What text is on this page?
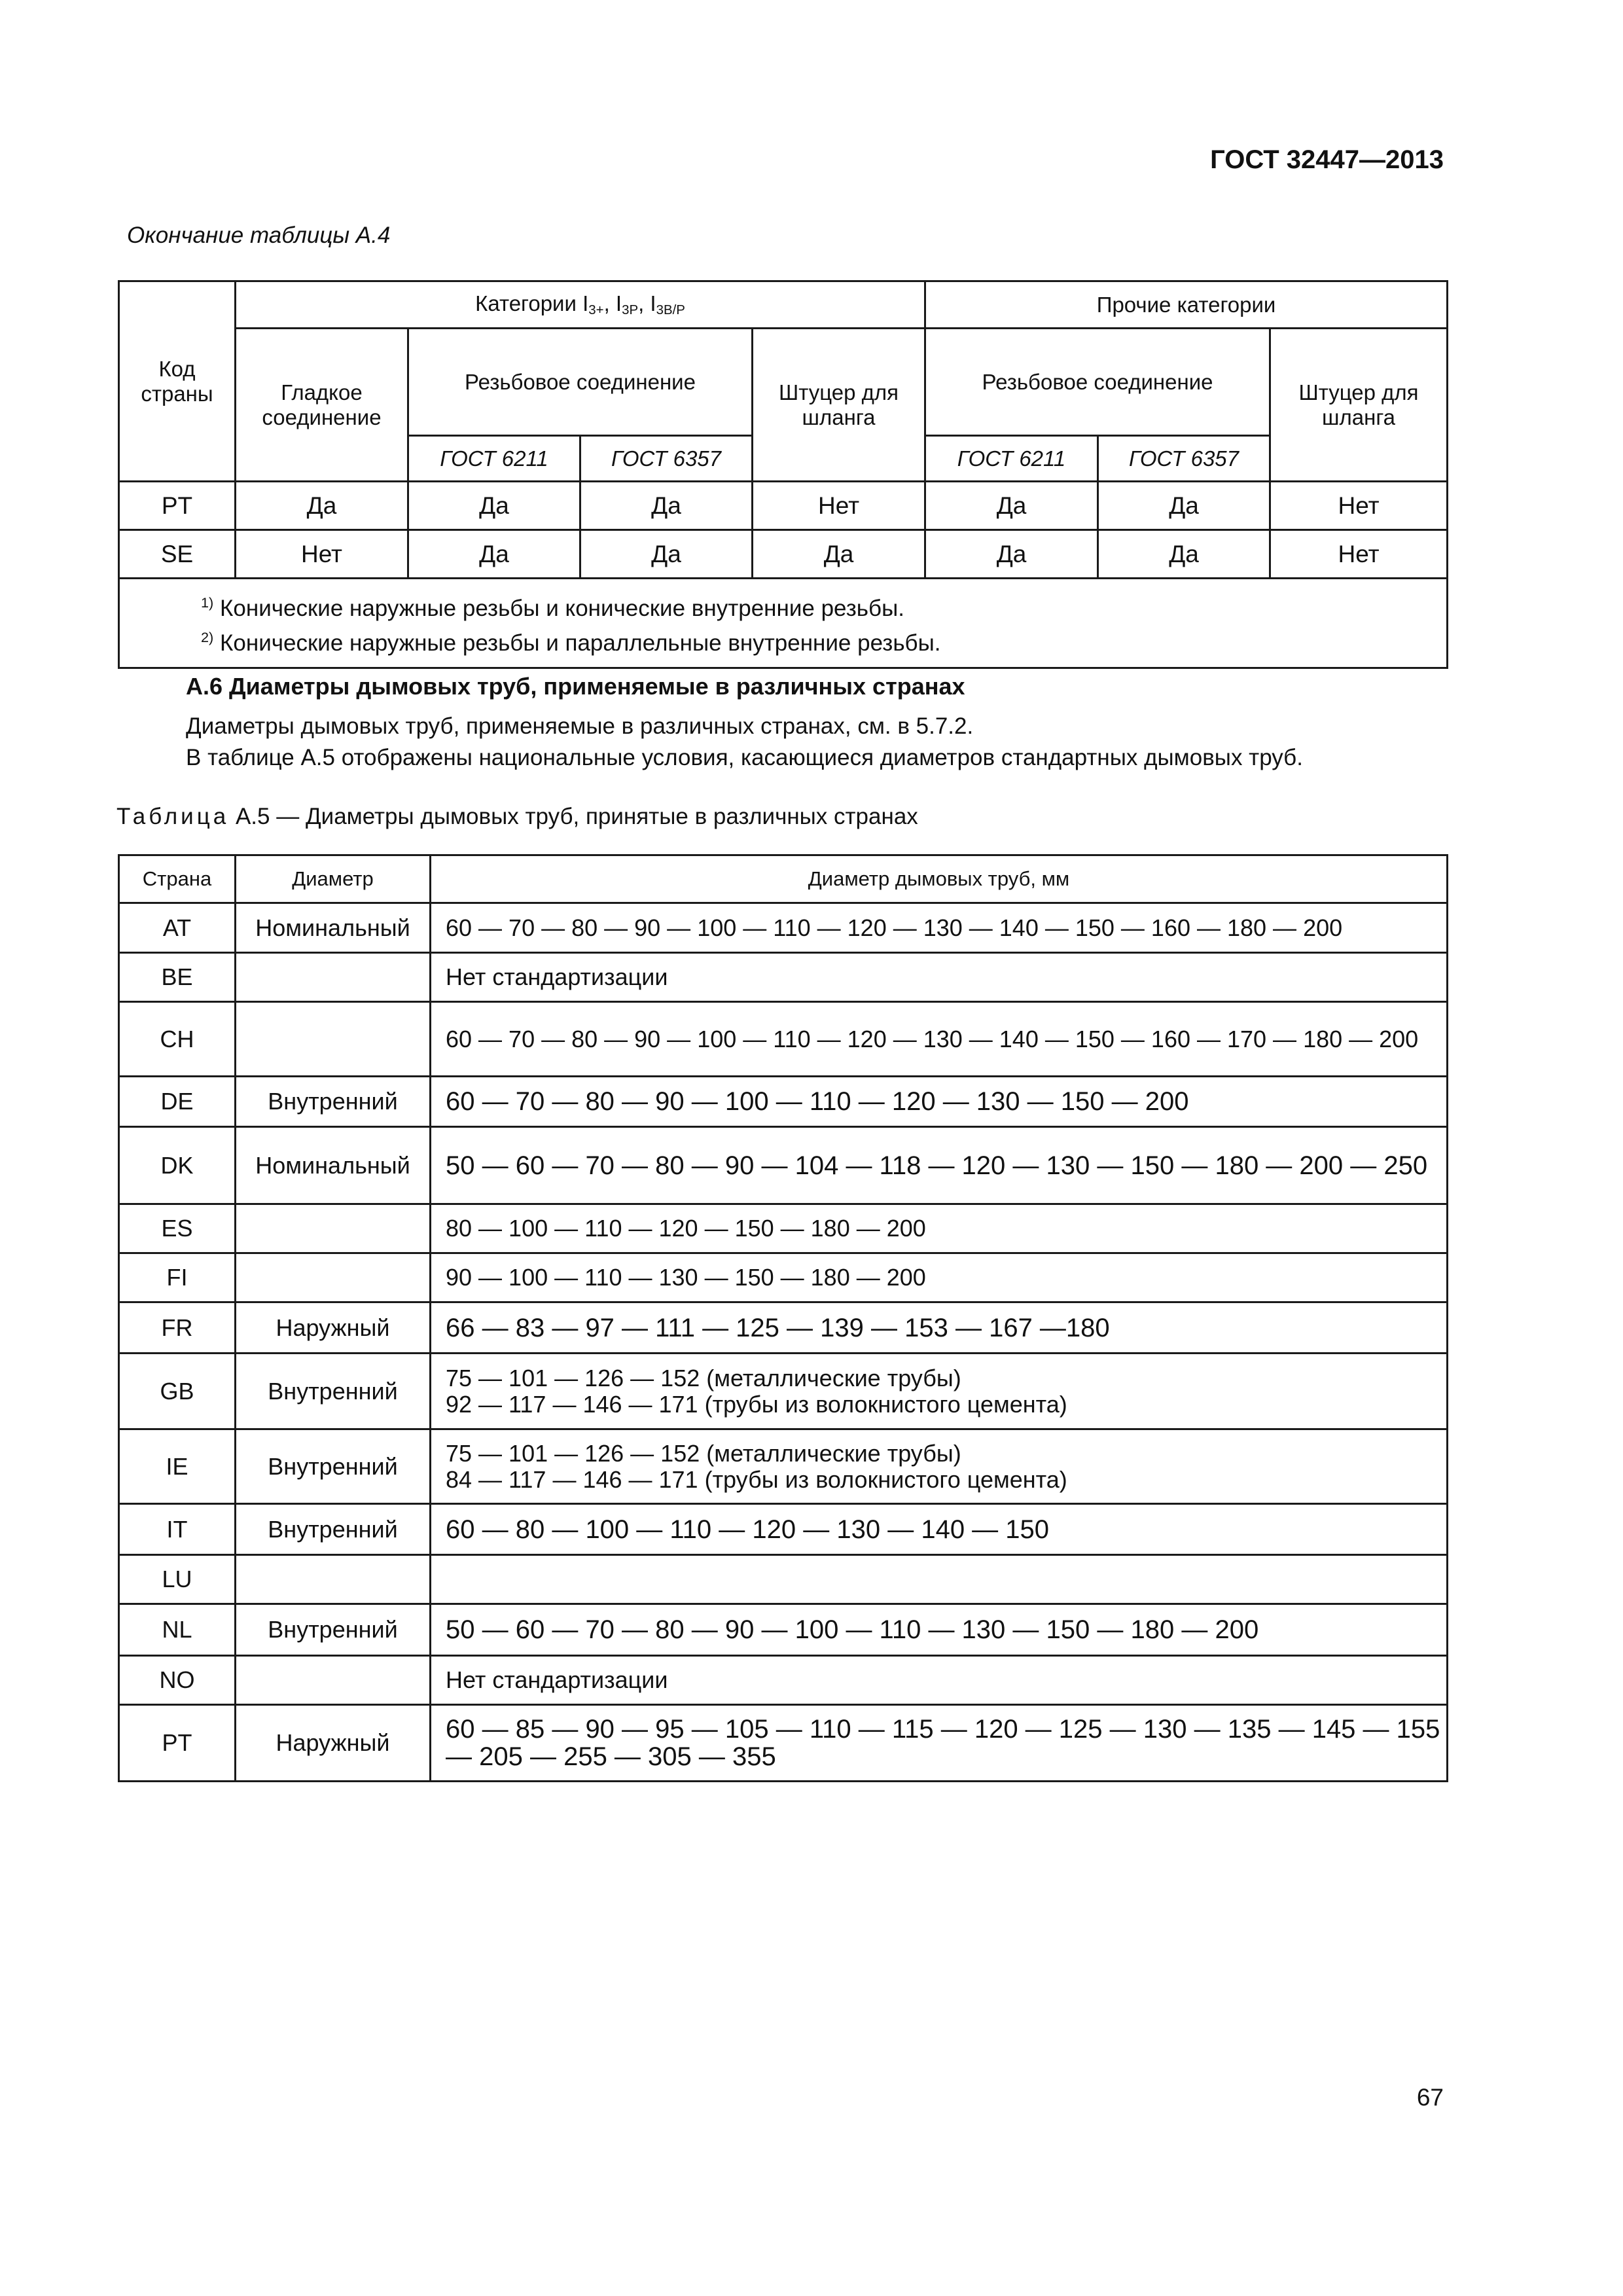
ГОСТ 32447—2013
Окончание таблицы А.4
Код страны	Категории $I_{3+}$, $I_{3P}$, $I_{3B/P}$				Прочие категории		
	Гладкое соединение	Резьбовое соединение		Штуцер для шланга	Резьбовое соединение		Штуцер для шланга
		ГОСТ 6211	ГОСТ 6357		ГОСТ 6211	ГОСТ 6357	
PT	Да	Да	Да	Нет	Да	Да	Нет
SE	Нет	Да	Да	Да	Да	Да	Нет

$^{1)}$ Конические наружные резьбы и конические внутренние резьбы.
$^{2)}$ Конические наружные резьбы и параллельные внутренние резьбы.							
А.6 Диаметры дымовых труб, применяемые в различных странах
Диаметры дымовых труб, применяемые в различных странах, см. в 5.7.2.
В таблице А.5 отображены национальные условия, касающиеся диаметров стандартных дымовых труб.
Таблица А.5 — Диаметры дымовых труб, принятые в различных странах
Страна	Диаметр	Диаметр дымовых труб, мм
AT	Номинальный	60 — 70 — 80 — 90 — 100 — 110 — 120 — 130 — 140 — 150 — 160 — 180 — 200
BE		Нет стандартизации
CH		60 — 70 — 80 — 90 — 100 — 110 — 120 — 130 — 140 — 150 — 160 — 170 — 180 — 200
DE	Внутренний	60 — 70 — 80 — 90 — 100 — 110 — 120 — 130 — 150 — 200
DK	Номинальный	50 — 60 — 70 — 80 — 90 — 104 — 118 — 120 — 130 — 150 — 180 — 200 — 250
ES		80 — 100 — 110 — 120 — 150 — 180 — 200
FI		90 — 100 — 110 — 130 — 150 — 180 — 200
FR	Наружный	66 — 83 — 97 — 111 — 125 — 139 — 153 — 167 —180
GB	Внутренний	75 — 101 — 126 — 152 (металлические трубы)
92 — 117 — 146 — 171 (трубы из волокнистого цемента)

IE	Внутренний	75 — 101 — 126 — 152 (металлические трубы)
84 — 117 — 146 — 171 (трубы из волокнистого цемента)

IT	Внутренний	60 — 80 — 100 — 110 — 120 — 130 — 140 — 150
LU		
NL	Внутренний	50 — 60 — 70 — 80 — 90 — 100 — 110 — 130 — 150 — 180 — 200
NO		Нет стандартизации
PT	Наружный	60 — 85 — 90 — 95 — 105 — 110 — 115 — 120 — 125 — 130 — 135 — 145 — 155 — 205 — 255 — 305 — 355
67
